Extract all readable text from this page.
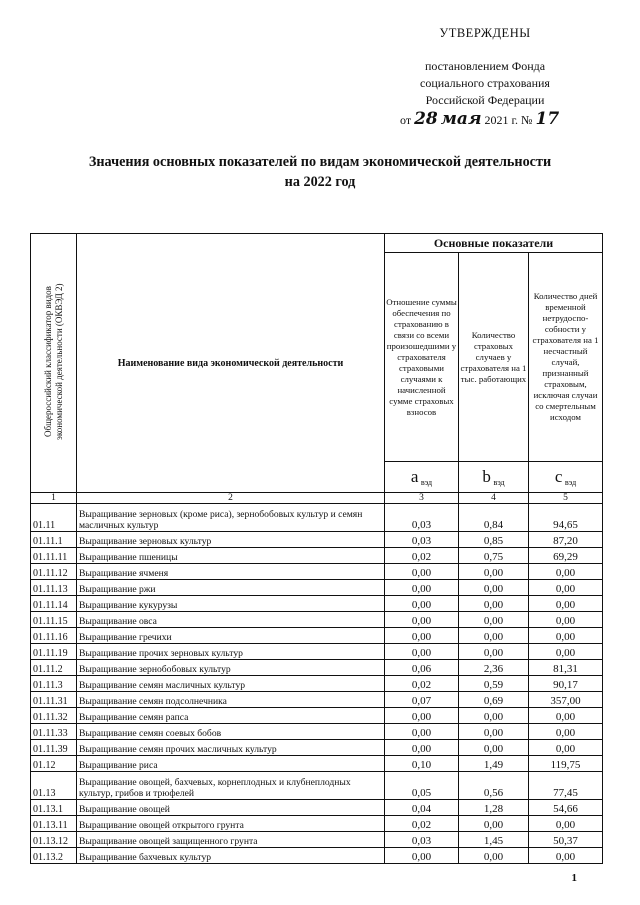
УТВЕРЖДЕНЫ
постановлением Фонда
социального страхования
Российской Федерации
от 28 мая 2021 г. № 17
Значения основных показателей по видам экономической деятельности
на 2022 год
Общероссийский классификатор видов экономической деятельности (ОКВЭД 2)	Наименование вида экономической деятельности	Основные показатели		
		Отношение суммы обеспечения по страхованию в связи со всеми произошедшими у страхователя страховыми случаями к начисленной сумме страховых взносов	Количество страховых случаев у страхователя на 1 тыс. работающих	Количество дней временной нетрудоспо-собности у страхователя на 1 несчастный случай, признанный страховым, исключая случаи со смертельным исходом
		a $_{вэд}$	b $_{вэд}$	c $_{вэд}$
1	2	3	4	5
01.11	Выращивание зерновых (кроме риса), зернобобовых культур и семян масличных культур	0,03	0,84	94,65
01.11.1	Выращивание зерновых культур	0,03	0,85	87,20
01.11.11	Выращивание пшеницы	0,02	0,75	69,29
01.11.12	Выращивание ячменя	0,00	0,00	0,00
01.11.13	Выращивание ржи	0,00	0,00	0,00
01.11.14	Выращивание кукурузы	0,00	0,00	0,00
01.11.15	Выращивание овса	0,00	0,00	0,00
01.11.16	Выращивание гречихи	0,00	0,00	0,00
01.11.19	Выращивание прочих зерновых культур	0,00	0,00	0,00
01.11.2	Выращивание зернобобовых культур	0,06	2,36	81,31
01.11.3	Выращивание семян масличных культур	0,02	0,59	90,17
01.11.31	Выращивание семян подсолнечника	0,07	0,69	357,00
01.11.32	Выращивание семян рапса	0,00	0,00	0,00
01.11.33	Выращивание семян соевых бобов	0,00	0,00	0,00
01.11.39	Выращивание семян прочих масличных культур	0,00	0,00	0,00
01.12	Выращивание риса	0,10	1,49	119,75
01.13	Выращивание овощей, бахчевых, корнеплодных и клубнеплодных культур, грибов и трюфелей	0,05	0,56	77,45
01.13.1	Выращивание овощей	0,04	1,28	54,66
01.13.11	Выращивание овощей открытого грунта	0,02	0,00	0,00
01.13.12	Выращивание овощей защищенного грунта	0,03	1,45	50,37
01.13.2	Выращивание бахчевых культур	0,00	0,00	0,00
1
